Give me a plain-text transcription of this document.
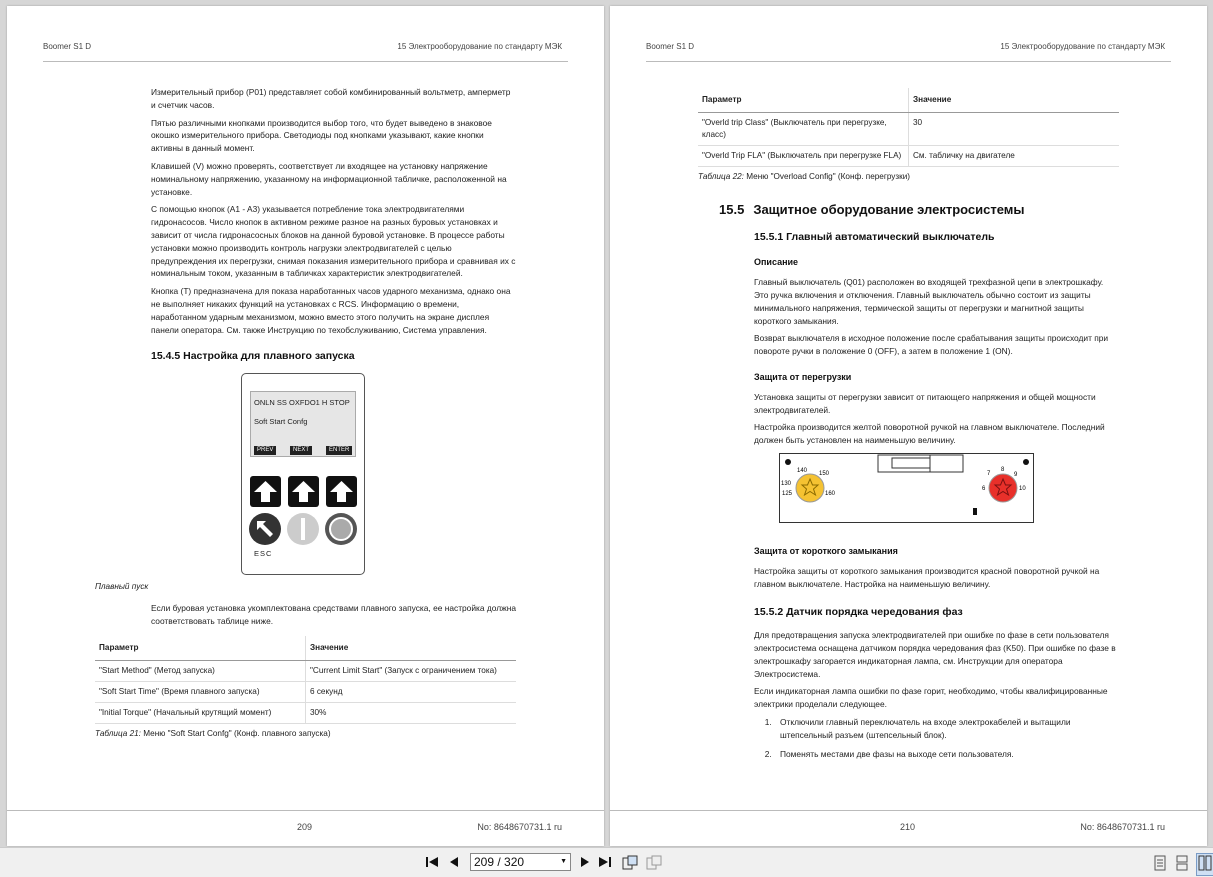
Boomer S1 D	15 Электрооборудование по стандарту МЭК

Измерительный прибор (P01) представляет собой комбинированный вольтметр, амперметр и счетчик часов.

Пятью различными кнопками производится выбор того, что будет выведено в знаковое окошко измерительного прибора. Светодиоды под кнопками указывают, какие кнопки активны в данный момент.

Клавишей (V) можно проверять, соответствует ли входящее на установку напряжение номинальному напряжению, указанному на информационной табличке, расположенной на установке.

С помощью кнопок (A1 - A3) указывается потребление тока электродвигателями гидронасосов. Число кнопок в активном режиме разное на разных буровых установках и зависит от числа гидронасосных блоков на данной буровой установке. В процессе работы установки можно производить контроль нагрузки электродвигателей с целью предупреждения их перегрузки, снимая показания измерительного прибора и сравнивая их с номинальным током, указанным в табличках характеристик электродвигателей.

Кнопка (T) предназначена для показа наработанных часов ударного механизма, однако она не выполняет никаких функций на установках с RCS. Информацию о времени, наработанном ударным механизмом, можно вместо этого получить на экране дисплея панели оператора. См. также Инструкцию по техобслуживанию, Система управления.

15.4.5 Настройка для плавного запуска
ONLN SS OXFDO1 H STOP
Soft Start Confg
PREV	NEXT	ENTER
ESC
Плавный пуск

Если буровая установка укомплектована средствами плавного запуска, ее настройка должна соответствовать таблице ниже.

Параметр	Значение
"Start Method" (Метод запуска)	"Current Limit Start" (Запуск с ограничением тока)
"Soft Start Time" (Время плавного запуска)	6 секунд
"Initial Torque" (Начальный крутящий момент)	30%
Таблица 21: Меню "Soft Start Confg" (Конф. плавного запуска)
209	No: 8648670731.1 ru
Boomer S1 D	15 Электрооборудование по стандарту МЭК
Параметр	Значение
"Overld trip Class" (Выключатель при перегрузке, класс)	30
"Overld Trip FLA" (Выключатель при перегрузке FLA)	См. табличку на двигателе
Таблица 22: Меню "Overload Config" (Конф. перегрузки)
15.5 Защитное оборудование электросистемы
15.5.1 Главный автоматический выключатель
Описание

Главный выключатель (Q01) расположен во входящей трехфазной цепи в электрошкафу. Это ручка включения и отключения. Главный выключатель обычно состоит из защиты минимального напряжения, термической защиты от перегрузки и магнитной защиты короткого замыкания.

Возврат выключателя в исходное положение после срабатывания защиты происходит при повороте ручки в положение 0 (OFF), а затем в положение 1 (ON).

Защита от перегрузки

Установка защиты от перегрузки зависит от питающего напряжения и общей мощности электродвигателей.

Настройка производится желтой поворотной ручкой на главном выключателе. Последний должен быть установлен на наименьшую величину.

140 150
130
125	160
7
8
9
6	10
Защита от короткого замыкания

Настройка защиты от короткого замыкания производится красной поворотной ручкой на главном выключателе. Настройка на наименьшую величину.

15.5.2 Датчик порядка чередования фаз

Для предотвращения запуска электродвигателей при ошибке по фазе в сети пользователя электросистема оснащена датчиком порядка чередования фаз (K50). При ошибке по фазе в электрошкафу загорается индикаторная лампа, см. Инструкции для оператора Электросистема.

Если индикаторная лампа ошибки по фазе горит, необходимо, чтобы квалифицированные электрики проделали следующее.

1. Отключили главный переключатель на входе электрокабелей и вытащили штепсельный разъем (штепсельный блок).
2. Поменять местами две фазы на выходе сети пользователя.
210	No: 8648670731.1 ru
209 / 320	▼
